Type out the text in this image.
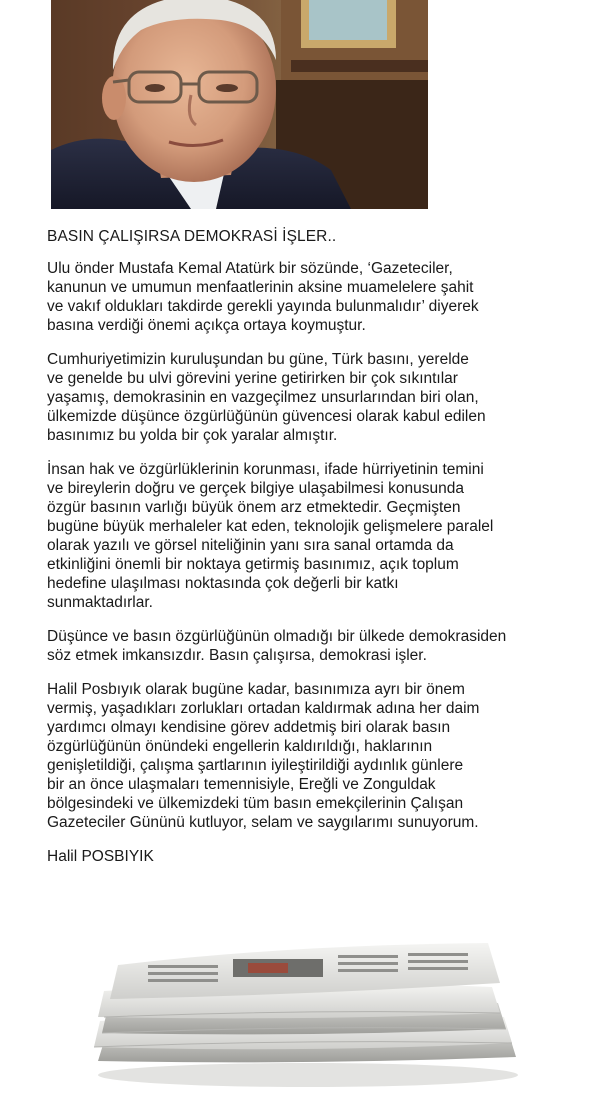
BASIN ÇALIŞIRSA DEMOKRASİ İŞLER..

Ulu önder Mustafa Kemal Atatürk bir sözünde, ‘Gazeteciler,
kanunun ve umumun menfaatlerinin aksine muamelelere şahit
ve vakıf oldukları takdirde gerekli yayında bulunmalıdır’ diyerek
basına verdiği önemi açıkça ortaya koymuştur.

Cumhuriyetimizin kuruluşundan bu güne, Türk basını, yerelde
ve genelde bu ulvi görevini yerine getirirken bir çok sıkıntılar
yaşamış, demokrasinin en vazgeçilmez unsurlarından biri olan,
ülkemizde düşünce özgürlüğünün güvencesi olarak kabul edilen
basınımız bu yolda bir çok yaralar almıştır.

İnsan hak ve özgürlüklerinin korunması, ifade hürriyetinin temini
ve bireylerin doğru ve gerçek bilgiye ulaşabilmesi konusunda
özgür basının varlığı büyük önem arz etmektedir. Geçmişten
bugüne büyük merhaleler kat eden, teknolojik gelişmelere paralel
olarak yazılı ve görsel niteliğinin yanı sıra sanal ortamda da
etkinliğini önemli bir noktaya getirmiş basınımız, açık toplum
hedefine ulaşılması noktasında çok değerli bir katkı
sunmaktadırlar.

Düşünce ve basın özgürlüğünün olmadığı bir ülkede demokrasiden
söz etmek imkansızdır. Basın çalışırsa, demokrasi işler.

Halil Posbıyık olarak bugüne kadar, basınımıza ayrı bir önem
vermiş, yaşadıkları zorlukları ortadan kaldırmak adına her daim
yardımcı olmayı kendisine görev addetmiş biri olarak basın
özgürlüğünün önündeki engellerin kaldırıldığı, haklarının
genişletildiği, çalışma şartlarının iyileştirildiği aydınlık günlere
bir an önce ulaşmaları temennisiyle, Ereğli ve Zonguldak
bölgesindeki ve ülkemizdeki tüm basın emekçilerinin Çalışan
Gazeteciler Gününü kutluyor, selam ve saygılarımı sunuyorum.

Halil POSBIYIK
